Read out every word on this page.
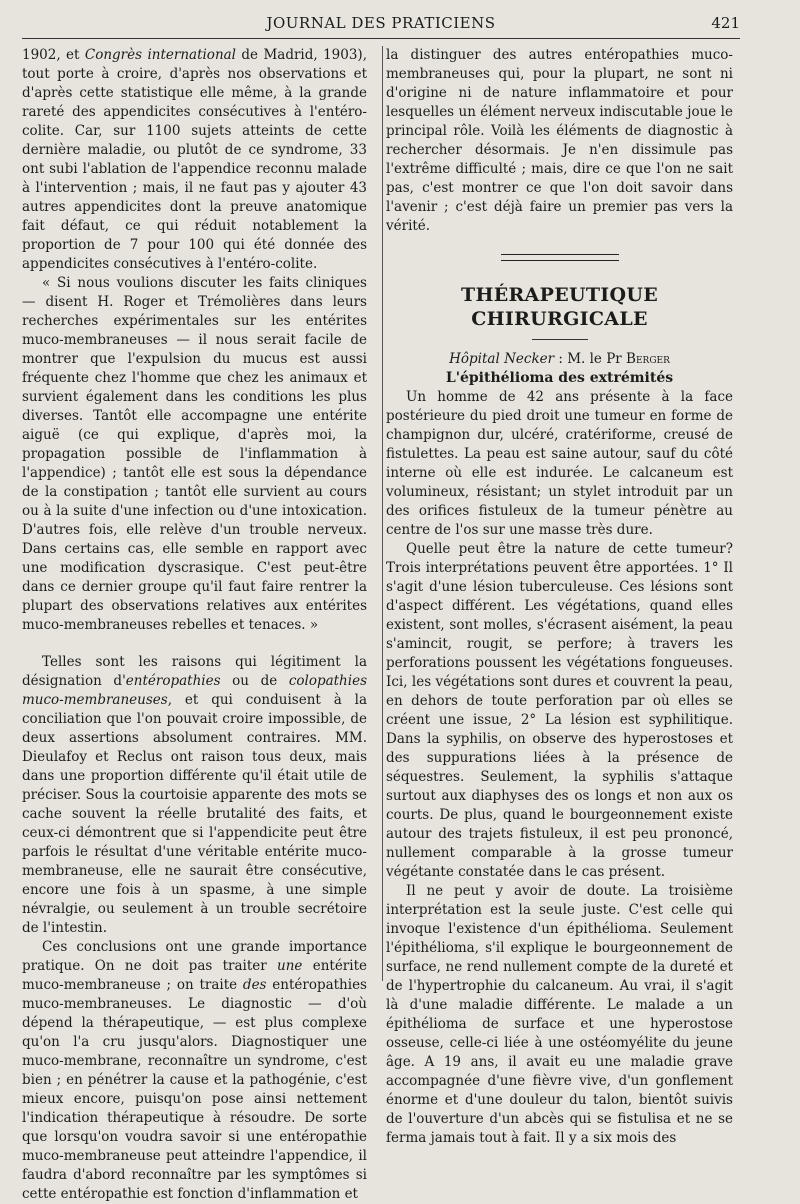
JOURNAL DES PRATICIENS	421

1902, et Congrès international de Madrid, 1903), tout porte à croire, d'après nos observations et d'après cette statistique elle même, à la grande rareté des appendicites consécutives à l'entéro-colite. Car, sur 1100 sujets atteints de cette dernière maladie, ou plutôt de ce syndrome, 33 ont subi l'ablation de l'appendice reconnu malade à l'intervention ; mais, il ne faut pas y ajouter 43 autres appendicites dont la preuve anatomique fait défaut, ce qui réduit notablement la proportion de 7 pour 100 qui été donnée des appendicites consécutives à l'entéro-colite.

« Si nous voulions discuter les faits cliniques — disent H. Roger et Trémolières dans leurs recherches expérimentales sur les entérites muco-membraneuses — il nous serait facile de montrer que l'expulsion du mucus est aussi fréquente chez l'homme que chez les animaux et survient également dans les conditions les plus diverses. Tantôt elle accompagne une entérite aiguë (ce qui explique, d'après moi, la propagation possible de l'inflammation à l'appendice) ; tantôt elle est sous la dépendance de la constipation ; tantôt elle survient au cours ou à la suite d'une infection ou d'une intoxication. D'autres fois, elle relève d'un trouble nerveux. Dans certains cas, elle semble en rapport avec une modification dyscrasique. C'est peut-être dans ce dernier groupe qu'il faut faire rentrer la plupart des observations relatives aux entérites muco-membraneuses rebelles et tenaces. »

Telles sont les raisons qui légitiment la désignation d'entéropathies ou de colopathies muco-membraneuses, et qui conduisent à la conciliation que l'on pouvait croire impossible, de deux assertions absolument contraires. MM. Dieulafoy et Reclus ont raison tous deux, mais dans une proportion différente qu'il était utile de préciser. Sous la courtoisie apparente des mots se cache souvent la réelle brutalité des faits, et ceux-ci démontrent que si l'appendicite peut être parfois le résultat d'une véritable entérite muco-membraneuse, elle ne saurait être consécutive, encore une fois à un spasme, à une simple névralgie, ou seulement à un trouble secrétoire de l'intestin.

Ces conclusions ont une grande importance pratique. On ne doit pas traiter une entérite muco-membraneuse ; on traite des entéropathies muco-membraneuses. Le diagnostic — d'où dépend la thérapeutique, — est plus complexe qu'on l'a cru jusqu'alors. Diagnostiquer une muco-membrane, reconnaître un syndrome, c'est bien ; en pénétrer la cause et la pathogénie, c'est mieux encore, puisqu'on pose ainsi nettement l'indication thérapeutique à résoudre. De sorte que lorsqu'on voudra savoir si une entéropathie muco-membraneuse peut atteindre l'appendice, il faudra d'abord reconnaître par les symptômes si cette entéropathie est fonction d'inflammation et

la distinguer des autres entéropathies muco-membraneuses qui, pour la plupart, ne sont ni d'origine ni de nature inflammatoire et pour lesquelles un élément nerveux indiscutable joue le principal rôle. Voilà les éléments de diagnostic à rechercher désormais. Je n'en dissimule pas l'extrême difficulté ; mais, dire ce que l'on ne sait pas, c'est montrer ce que l'on doit savoir dans l'avenir ; c'est déjà faire un premier pas vers la vérité.

THÉRAPEUTIQUE CHIRURGICALE

Hôpital Necker : M. le Pr Berger

L'épithélioma des extrémités

Un homme de 42 ans présente à la face postérieure du pied droit une tumeur en forme de champignon dur, ulcéré, cratériforme, creusé de fistulettes. La peau est saine autour, sauf du côté interne où elle est indurée. Le calcaneum est volumineux, résistant; un stylet introduit par un des orifices fistuleux de la tumeur pénètre au centre de l'os sur une masse très dure.

Quelle peut être la nature de cette tumeur? Trois interprétations peuvent être apportées. 1° Il s'agit d'une lésion tuberculeuse. Ces lésions sont d'aspect différent. Les végétations, quand elles existent, sont molles, s'écrasent aisément, la peau s'amincit, rougit, se perfore; à travers les perforations poussent les végétations fongueuses. Ici, les végétations sont dures et couvrent la peau, en dehors de toute perforation par où elles se créent une issue, 2° La lésion est syphilitique. Dans la syphilis, on observe des hyperostoses et des suppurations liées à la présence de séquestres. Seulement, la syphilis s'attaque surtout aux diaphyses des os longs et non aux os courts. De plus, quand le bourgeonnement existe autour des trajets fistuleux, il est peu prononcé, nullement comparable à la grosse tumeur végétante constatée dans le cas présent.

Il ne peut y avoir de doute. La troisième interprétation est la seule juste. C'est celle qui invoque l'existence d'un épithélioma. Seulement l'épithélioma, s'il explique le bourgeonnement de surface, ne rend nullement compte de la dureté et de l'hypertrophie du calcaneum. Au vrai, il s'agit là d'une maladie différente. Le malade a un épithélioma de surface et une hyperostose osseuse, celle-ci liée à une ostéomyélite du jeune âge. A 19 ans, il avait eu une maladie grave accompagnée d'une fièvre vive, d'un gonflement énorme et d'une douleur du talon, bientôt suivis de l'ouverture d'un abcès qui se fistulisa et ne se ferma jamais tout à fait. Il y a six mois des
